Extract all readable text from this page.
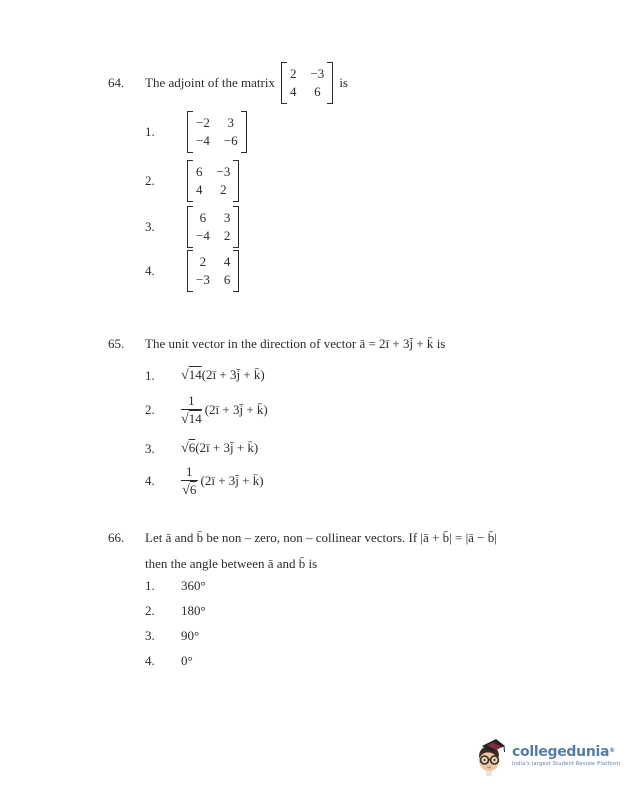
64.	The adjoint of the matrix
2 −3
4 6
is
1.
−2 3
−4 −6
2.
6 −3
4 2
3.
6 3
−4 2
4.
2 4
−3 6
65.	The unit vector in the direction of vector ā = 2ī + 3j̄ + k̄ is
1.	√14(2ī + 3j̄ + k̄)
2.	$\frac{1}{√14}$ (2ī + 3j̄ + k̄)
3.	√6(2ī + 3j̄ + k̄)
4.	$\frac{1}{√6}$ (2ī + 3j̄ + k̄)
66.	Let ā and b̄ be non – zero, non – collinear vectors. If |ā + b̄| = |ā − b̄|
then the angle between ā and b̄ is
1.	360°
2.	180°
3.	90°
4.	0°
collegedunia®
India's largest Student Review Platform
